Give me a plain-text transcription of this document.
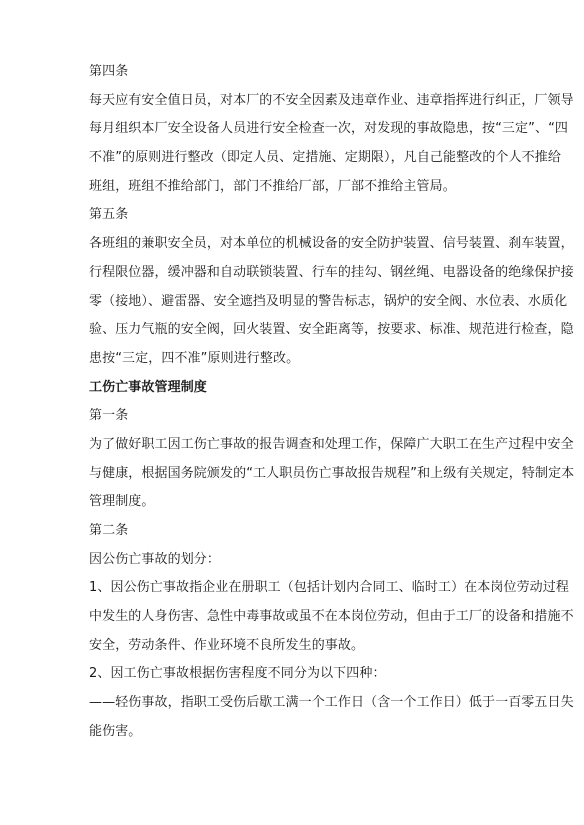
第四条
每天应有安全值日员，对本厂的不安全因素及违章作业、违章指挥进行纠正，厂领导
每月组织本厂安全设备人员进行安全检查一次，对发现的事故隐患，按“三定”、“四
不准”的原则进行整改（即定人员、定措施、定期限），凡自己能整改的个人不推给
班组，班组不推给部门，部门不推给厂部，厂部不推给主管局。
第五条
各班组的兼职安全员，对本单位的机械设备的安全防护装置、信号装置、刹车装置，
行程限位器，缓冲器和自动联锁装置、行车的挂勾、钢丝绳、电器设备的绝缘保护接
零（接地）、避雷器、安全遮挡及明显的警告标志，锅炉的安全阀、水位表、水质化
验、压力气瓶的安全阀，回火装置、安全距离等，按要求、标准、规范进行检查，隐
患按“三定，四不准”原则进行整改。
工伤亡事故管理制度
第一条
为了做好职工因工伤亡事故的报告调查和处理工作，保障广大职工在生产过程中安全
与健康，根据国务院颁发的“工人职员伤亡事故报告规程”和上级有关规定，特制定本
管理制度。
第二条
因公伤亡事故的划分：
1、因公伤亡事故指企业在册职工（包括计划内合同工、临时工）在本岗位劳动过程
中发生的人身伤害、急性中毒事故或虽不在本岗位劳动，但由于工厂的设备和措施不
安全，劳动条件、作业环境不良所发生的事故。
2、因工伤亡事故根据伤害程度不同分为以下四种：
——轻伤事故，指职工受伤后歇工满一个工作日（含一个工作日）低于一百零五日失
能伤害。
